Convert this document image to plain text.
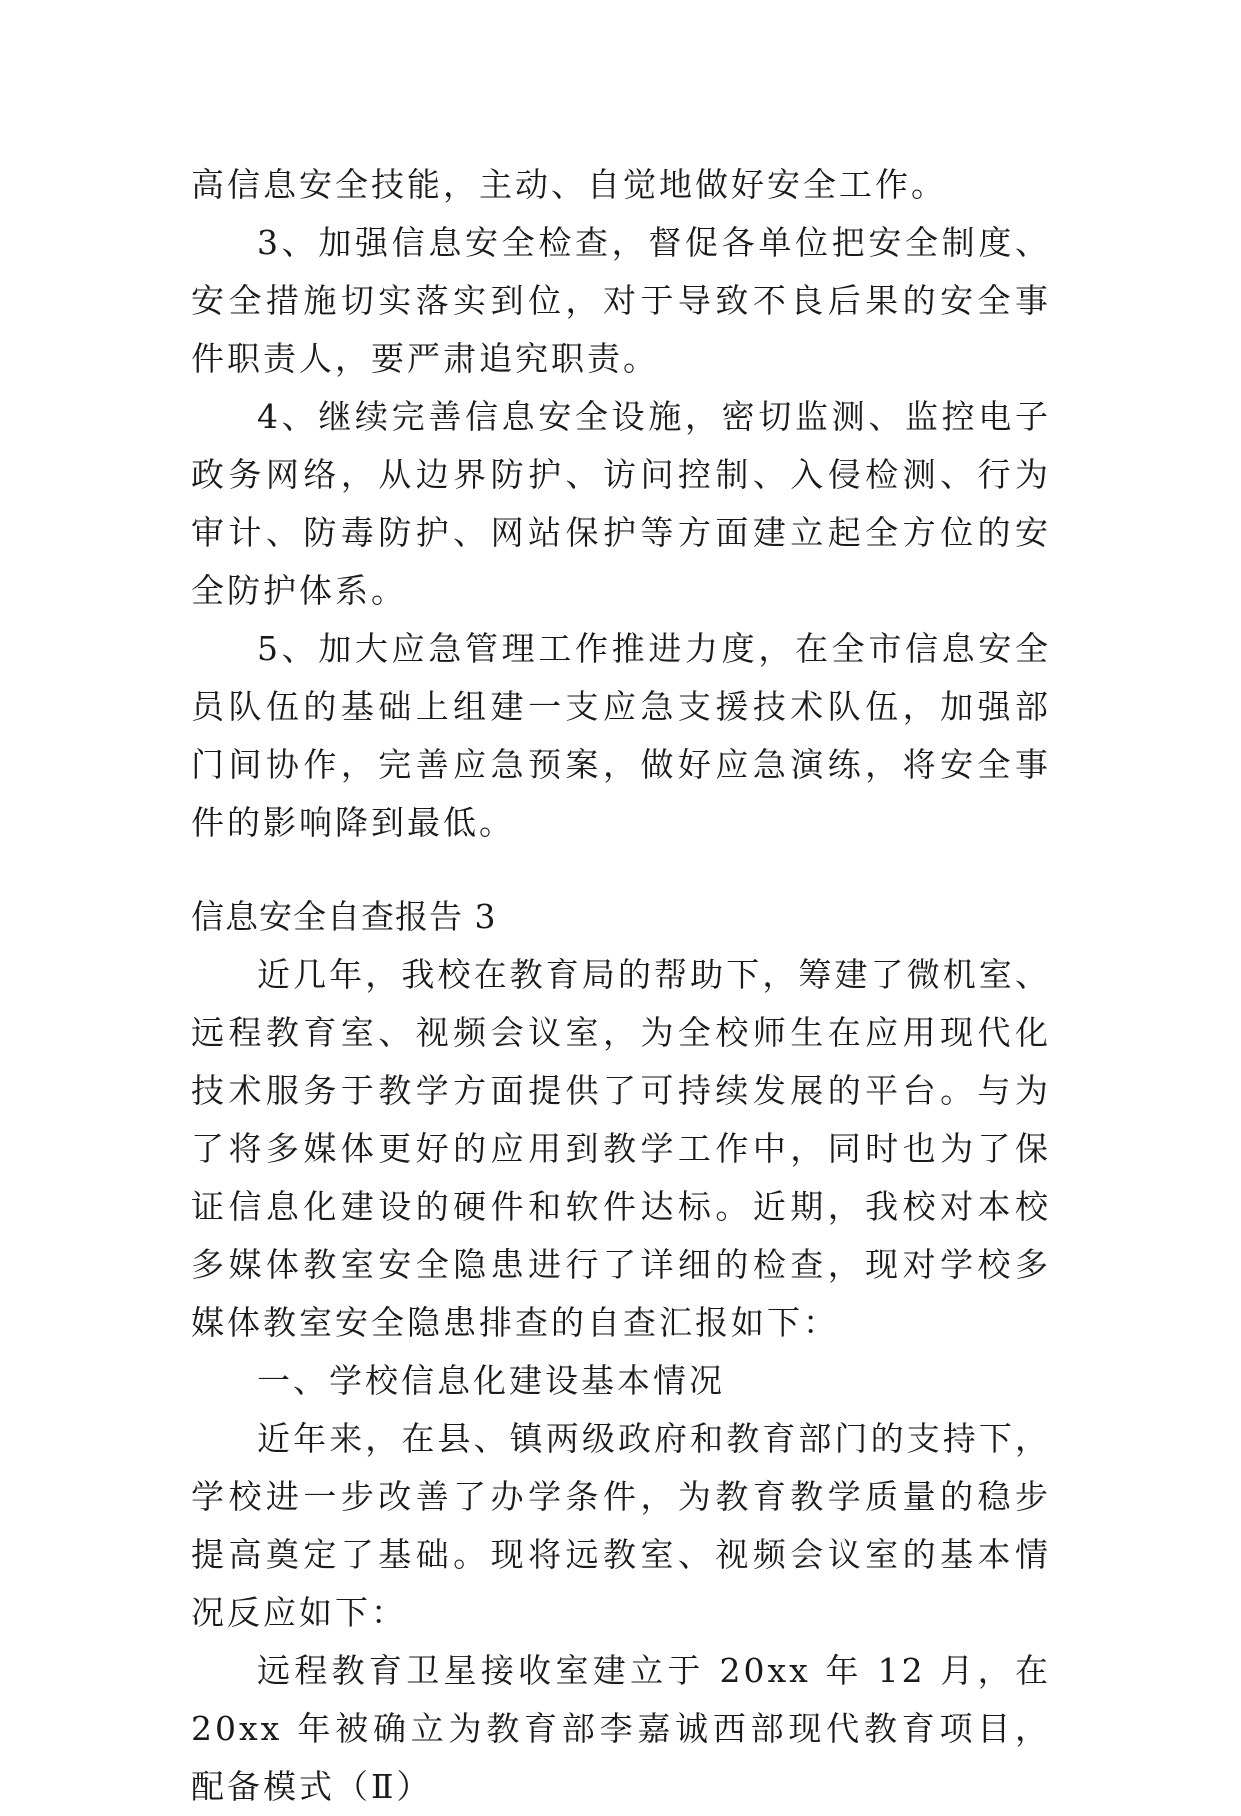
高信息安全技能，主动、自觉地做好安全工作。

3、加强信息安全检查，督促各单位把安全制度、安全措施切实落实到位，对于导致不良后果的安全事件职责人，要严肃追究职责。

4、继续完善信息安全设施，密切监测、监控电子政务网络，从边界防护、访问控制、入侵检测、行为审计、防毒防护、网站保护等方面建立起全方位的安全防护体系。

5、加大应急管理工作推进力度，在全市信息安全员队伍的基础上组建一支应急支援技术队伍，加强部门间协作，完善应急预案，做好应急演练，将安全事件的影响降到最低。

信息安全自查报告 3

近几年，我校在教育局的帮助下，筹建了微机室、远程教育室、视频会议室，为全校师生在应用现代化技术服务于教学方面提供了可持续发展的平台。与为了将多媒体更好的应用到教学工作中，同时也为了保证信息化建设的硬件和软件达标。近期，我校对本校多媒体教室安全隐患进行了详细的检查，现对学校多媒体教室安全隐患排查的自查汇报如下：

一、学校信息化建设基本情况

近年来，在县、镇两级政府和教育部门的支持下，学校进一步改善了办学条件，为教育教学质量的稳步提高奠定了基础。现将远教室、视频会议室的基本情况反应如下：

远程教育卫星接收室建立于 20xx 年 12 月，在 20xx 年被确立为教育部李嘉诚西部现代教育项目，配备模式（Ⅱ）
